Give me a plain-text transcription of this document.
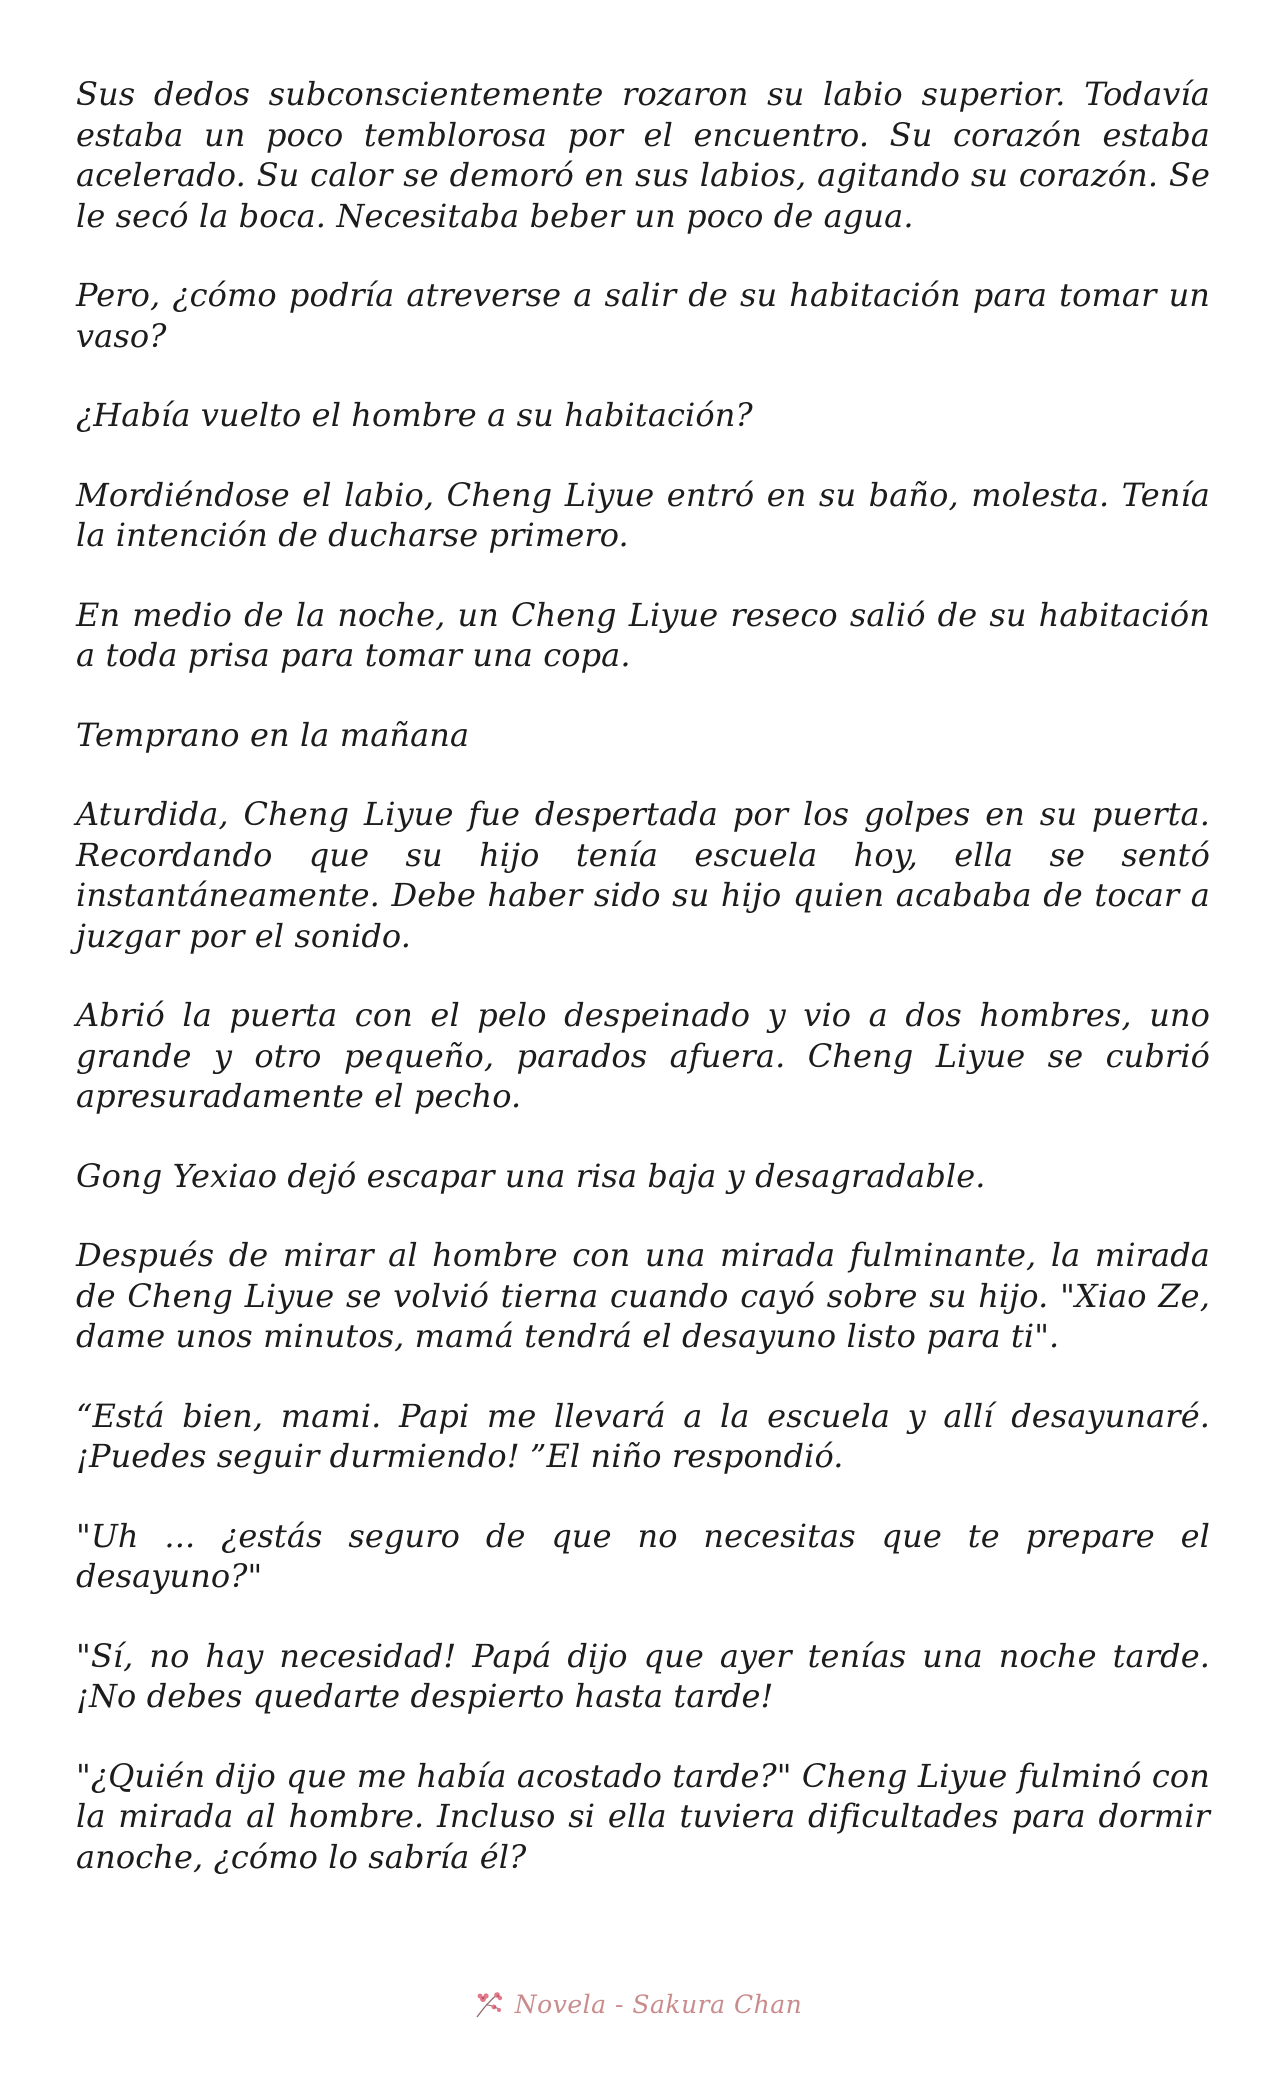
Sus dedos subconscientemente rozaron su labio superior. Todavía estaba un poco temblorosa por el encuentro. Su corazón estaba acelerado. Su calor se demoró en sus labios, agitando su corazón. Se le secó la boca. Necesitaba beber un poco de agua.

Pero, ¿cómo podría atreverse a salir de su habitación para tomar un vaso?

¿Había vuelto el hombre a su habitación?

Mordiéndose el labio, Cheng Liyue entró en su baño, molesta. Tenía la intención de ducharse primero.

En medio de la noche, un Cheng Liyue reseco salió de su habitación a toda prisa para tomar una copa.

Temprano en la mañana

Aturdida, Cheng Liyue fue despertada por los golpes en su puerta. Recordando que su hijo tenía escuela hoy, ella se sentó instantáneamente. Debe haber sido su hijo quien acababa de tocar a juzgar por el sonido.

Abrió la puerta con el pelo despeinado y vio a dos hombres, uno grande y otro pequeño, parados afuera. Cheng Liyue se cubrió apresuradamente el pecho.

Gong Yexiao dejó escapar una risa baja y desagradable.

Después de mirar al hombre con una mirada fulminante, la mirada de Cheng Liyue se volvió tierna cuando cayó sobre su hijo. "Xiao Ze, dame unos minutos, mamá tendrá el desayuno listo para ti".

“Está bien, mami. Papi me llevará a la escuela y allí desayunaré. ¡Puedes seguir durmiendo! ”El niño respondió.

"Uh ... ¿estás seguro de que no necesitas que te prepare el desayuno?"

"Sí, no hay necesidad! Papá dijo que ayer tenías una noche tarde. ¡No debes quedarte despierto hasta tarde!

"¿Quién dijo que me había acostado tarde?" Cheng Liyue fulminó con la mirada al hombre. Incluso si ella tuviera dificultades para dormir anoche, ¿cómo lo sabría él?

Novela - Sakura Chan
